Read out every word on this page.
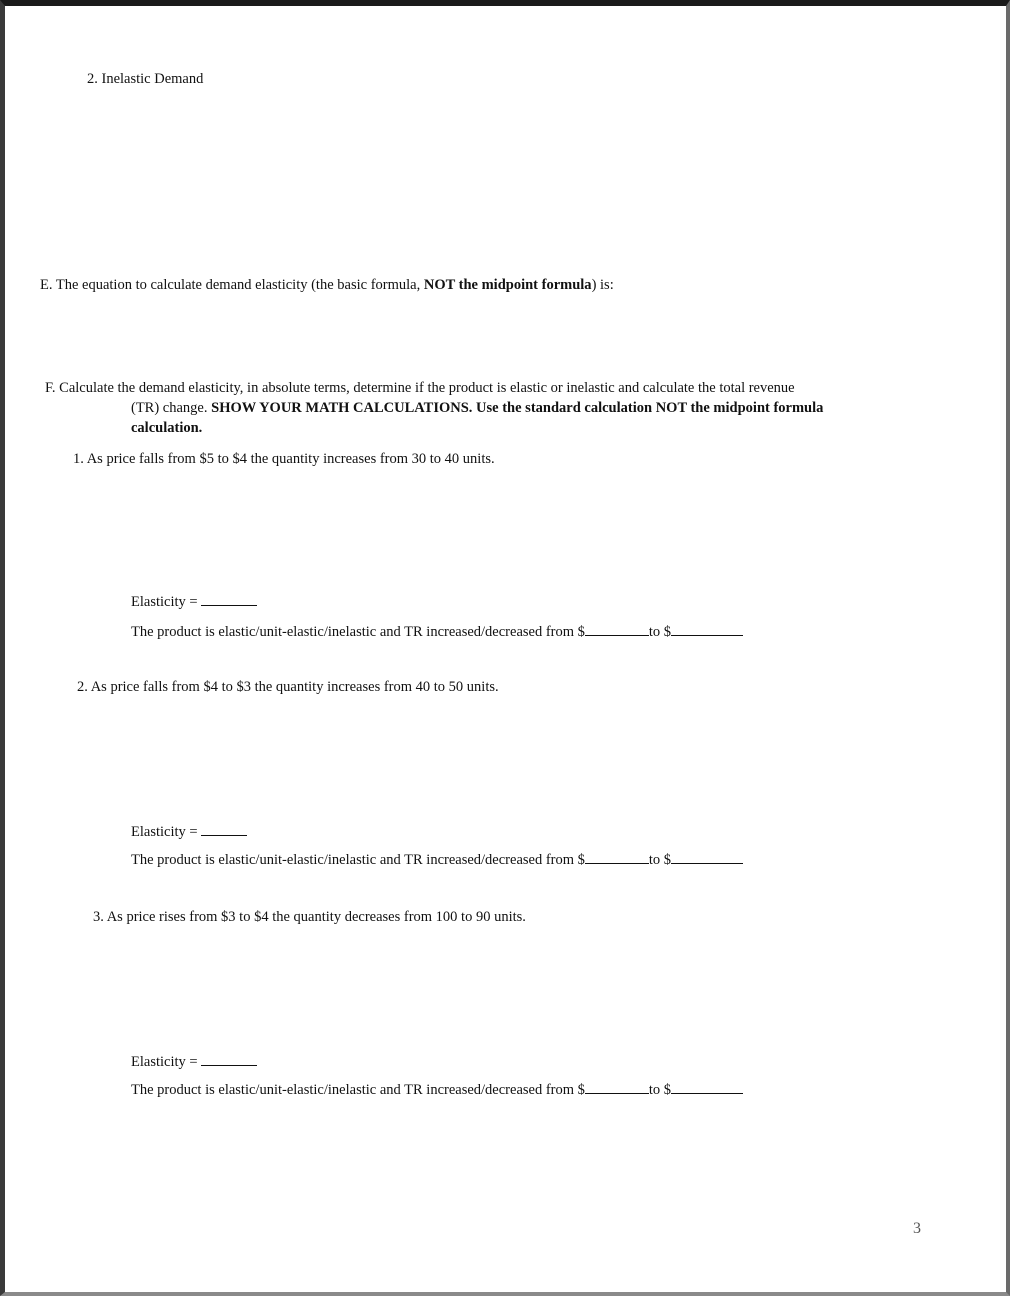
2. Inelastic Demand
E. The equation to calculate demand elasticity (the basic formula, NOT the midpoint formula) is:
F. Calculate the demand elasticity, in absolute terms, determine if the product is elastic or inelastic and calculate the total revenue
(TR) change. SHOW YOUR MATH CALCULATIONS. Use the standard calculation NOT the midpoint formula
calculation.
1. As price falls from $5 to $4 the quantity increases from 30 to 40 units.
Elasticity =
The product is elastic/unit-elastic/inelastic and TR increased/decreased from $	to $
2. As price falls from $4 to $3 the quantity increases from 40 to 50 units.
Elasticity =
The product is elastic/unit-elastic/inelastic and TR increased/decreased from $	to $
3. As price rises from $3 to $4 the quantity decreases from 100 to 90 units.
Elasticity =
The product is elastic/unit-elastic/inelastic and TR increased/decreased from $	to $
3
